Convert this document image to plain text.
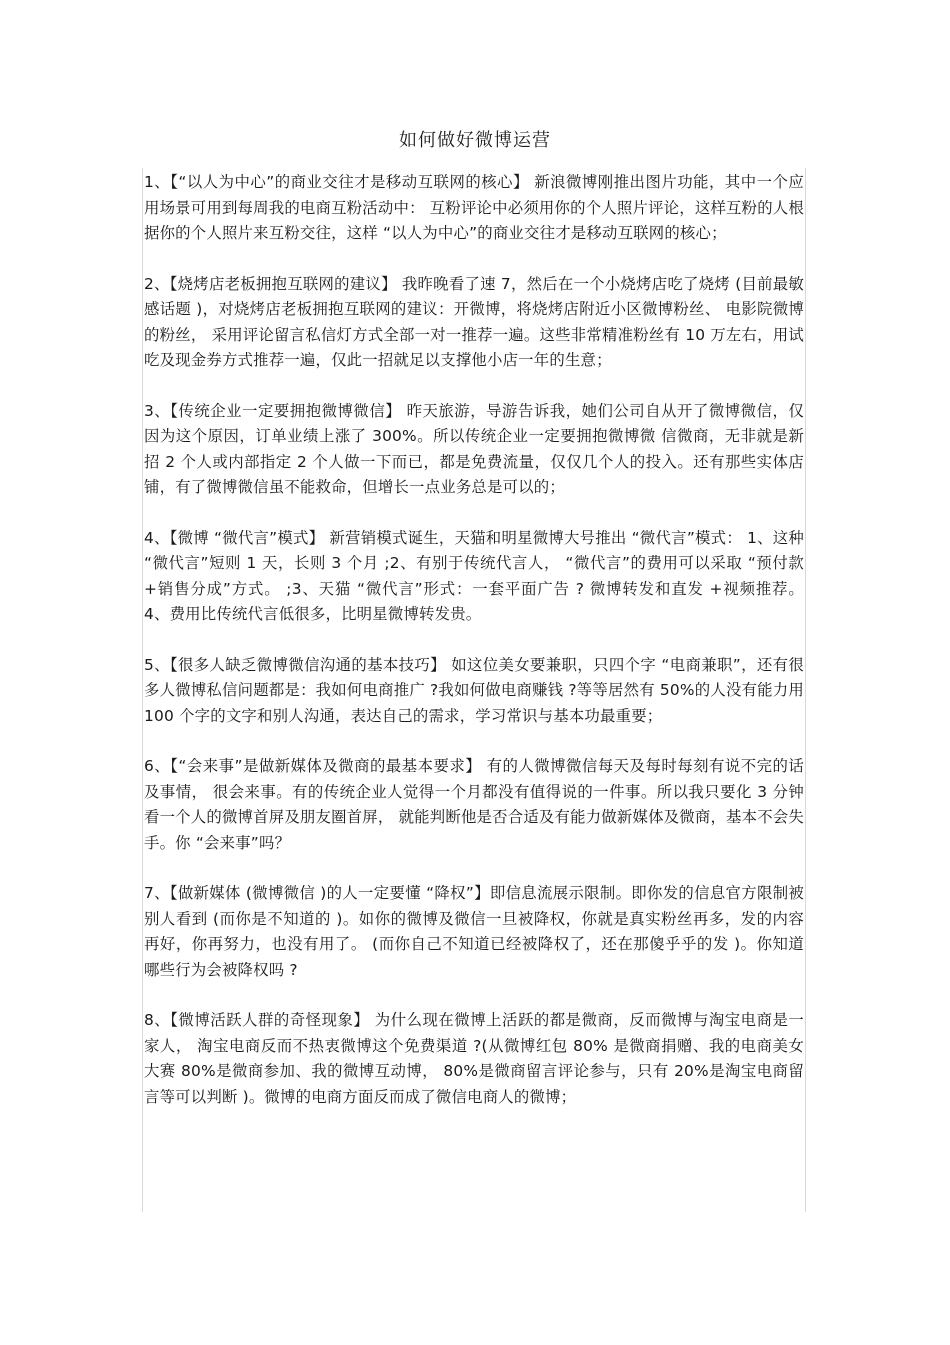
如何做好微博运营

1、【“以人为中心”的商业交往才是移动互联网的核心】 新浪微博刚推出图片功能，其中一个应用场景可用到每周我的电商互粉活动中： 互粉评论中必须用你的个人照片评论，这样互粉的人根据你的个人照片来互粉交往，这样 “以人为中心”的商业交往才是移动互联网的核心；

2、【烧烤店老板拥抱互联网的建议】 我昨晚看了速 7，然后在一个小烧烤店吃了烧烤 (目前最敏感话题 )，对烧烤店老板拥抱互联网的建议：开微博，将烧烤店附近小区微博粉丝、 电影院微博的粉丝， 采用评论留言私信灯方式全部一对一推荐一遍。这些非常精准粉丝有 10 万左右，用试吃及现金券方式推荐一遍，仅此一招就足以支撑他小店一年的生意；

3、【传统企业一定要拥抱微博微信】 昨天旅游，导游告诉我，她们公司自从开了微博微信，仅因为这个原因，订单业绩上涨了 300%。所以传统企业一定要拥抱微博微 信微商，无非就是新招 2 个人或内部指定 2 个人做一下而已，都是免费流量，仅仅几个人的投入。还有那些实体店铺，有了微博微信虽不能救命，但增长一点业务总是可以的；

4、【微博 “微代言”模式】 新营销模式诞生，天猫和明星微博大号推出 “微代言”模式： 1、这种 “微代言”短则 1 天，长则 3 个月 ;2、有别于传统代言人， “微代言”的费用可以采取 “预付款 +销售分成”方式。 ;3、天猫 “微代言”形式：一套平面广告 ? 微博转发和直发 +视频推荐。 4、费用比传统代言低很多，比明星微博转发贵。

5、【很多人缺乏微博微信沟通的基本技巧】 如这位美女要兼职，只四个字 “电商兼职”，还有很多人微博私信问题都是：我如何电商推广 ?我如何做电商赚钱 ?等等居然有 50%的人没有能力用 100 个字的文字和别人沟通，表达自己的需求，学习常识与基本功最重要；

6、【“会来事”是做新媒体及微商的最基本要求】 有的人微博微信每天及每时每刻有说不完的话及事情， 很会来事。有的传统企业人觉得一个月都没有值得说的一件事。所以我只要化 3 分钟看一个人的微博首屏及朋友圈首屏， 就能判断他是否合适及有能力做新媒体及微商，基本不会失手。你 “会来事”吗？

7、【做新媒体 (微博微信 )的人一定要懂 “降权”】即信息流展示限制。即你发的信息官方限制被别人看到 (而你是不知道的 )。如你的微博及微信一旦被降权，你就是真实粉丝再多，发的内容再好，你再努力，也没有用了。 (而你自己不知道已经被降权了，还在那傻乎乎的发 )。你知道哪些行为会被降权吗 ?

8、【微博活跃人群的奇怪现象】 为什么现在微博上活跃的都是微商，反而微博与淘宝电商是一家人， 淘宝电商反而不热衷微博这个免费渠道 ?(从微博红包 80% 是微商捐赠、我的电商美女大赛 80%是微商参加、我的微博互动博， 80%是微商留言评论参与，只有 20%是淘宝电商留言等可以判断 )。微博的电商方面反而成了微信电商人的微博；
